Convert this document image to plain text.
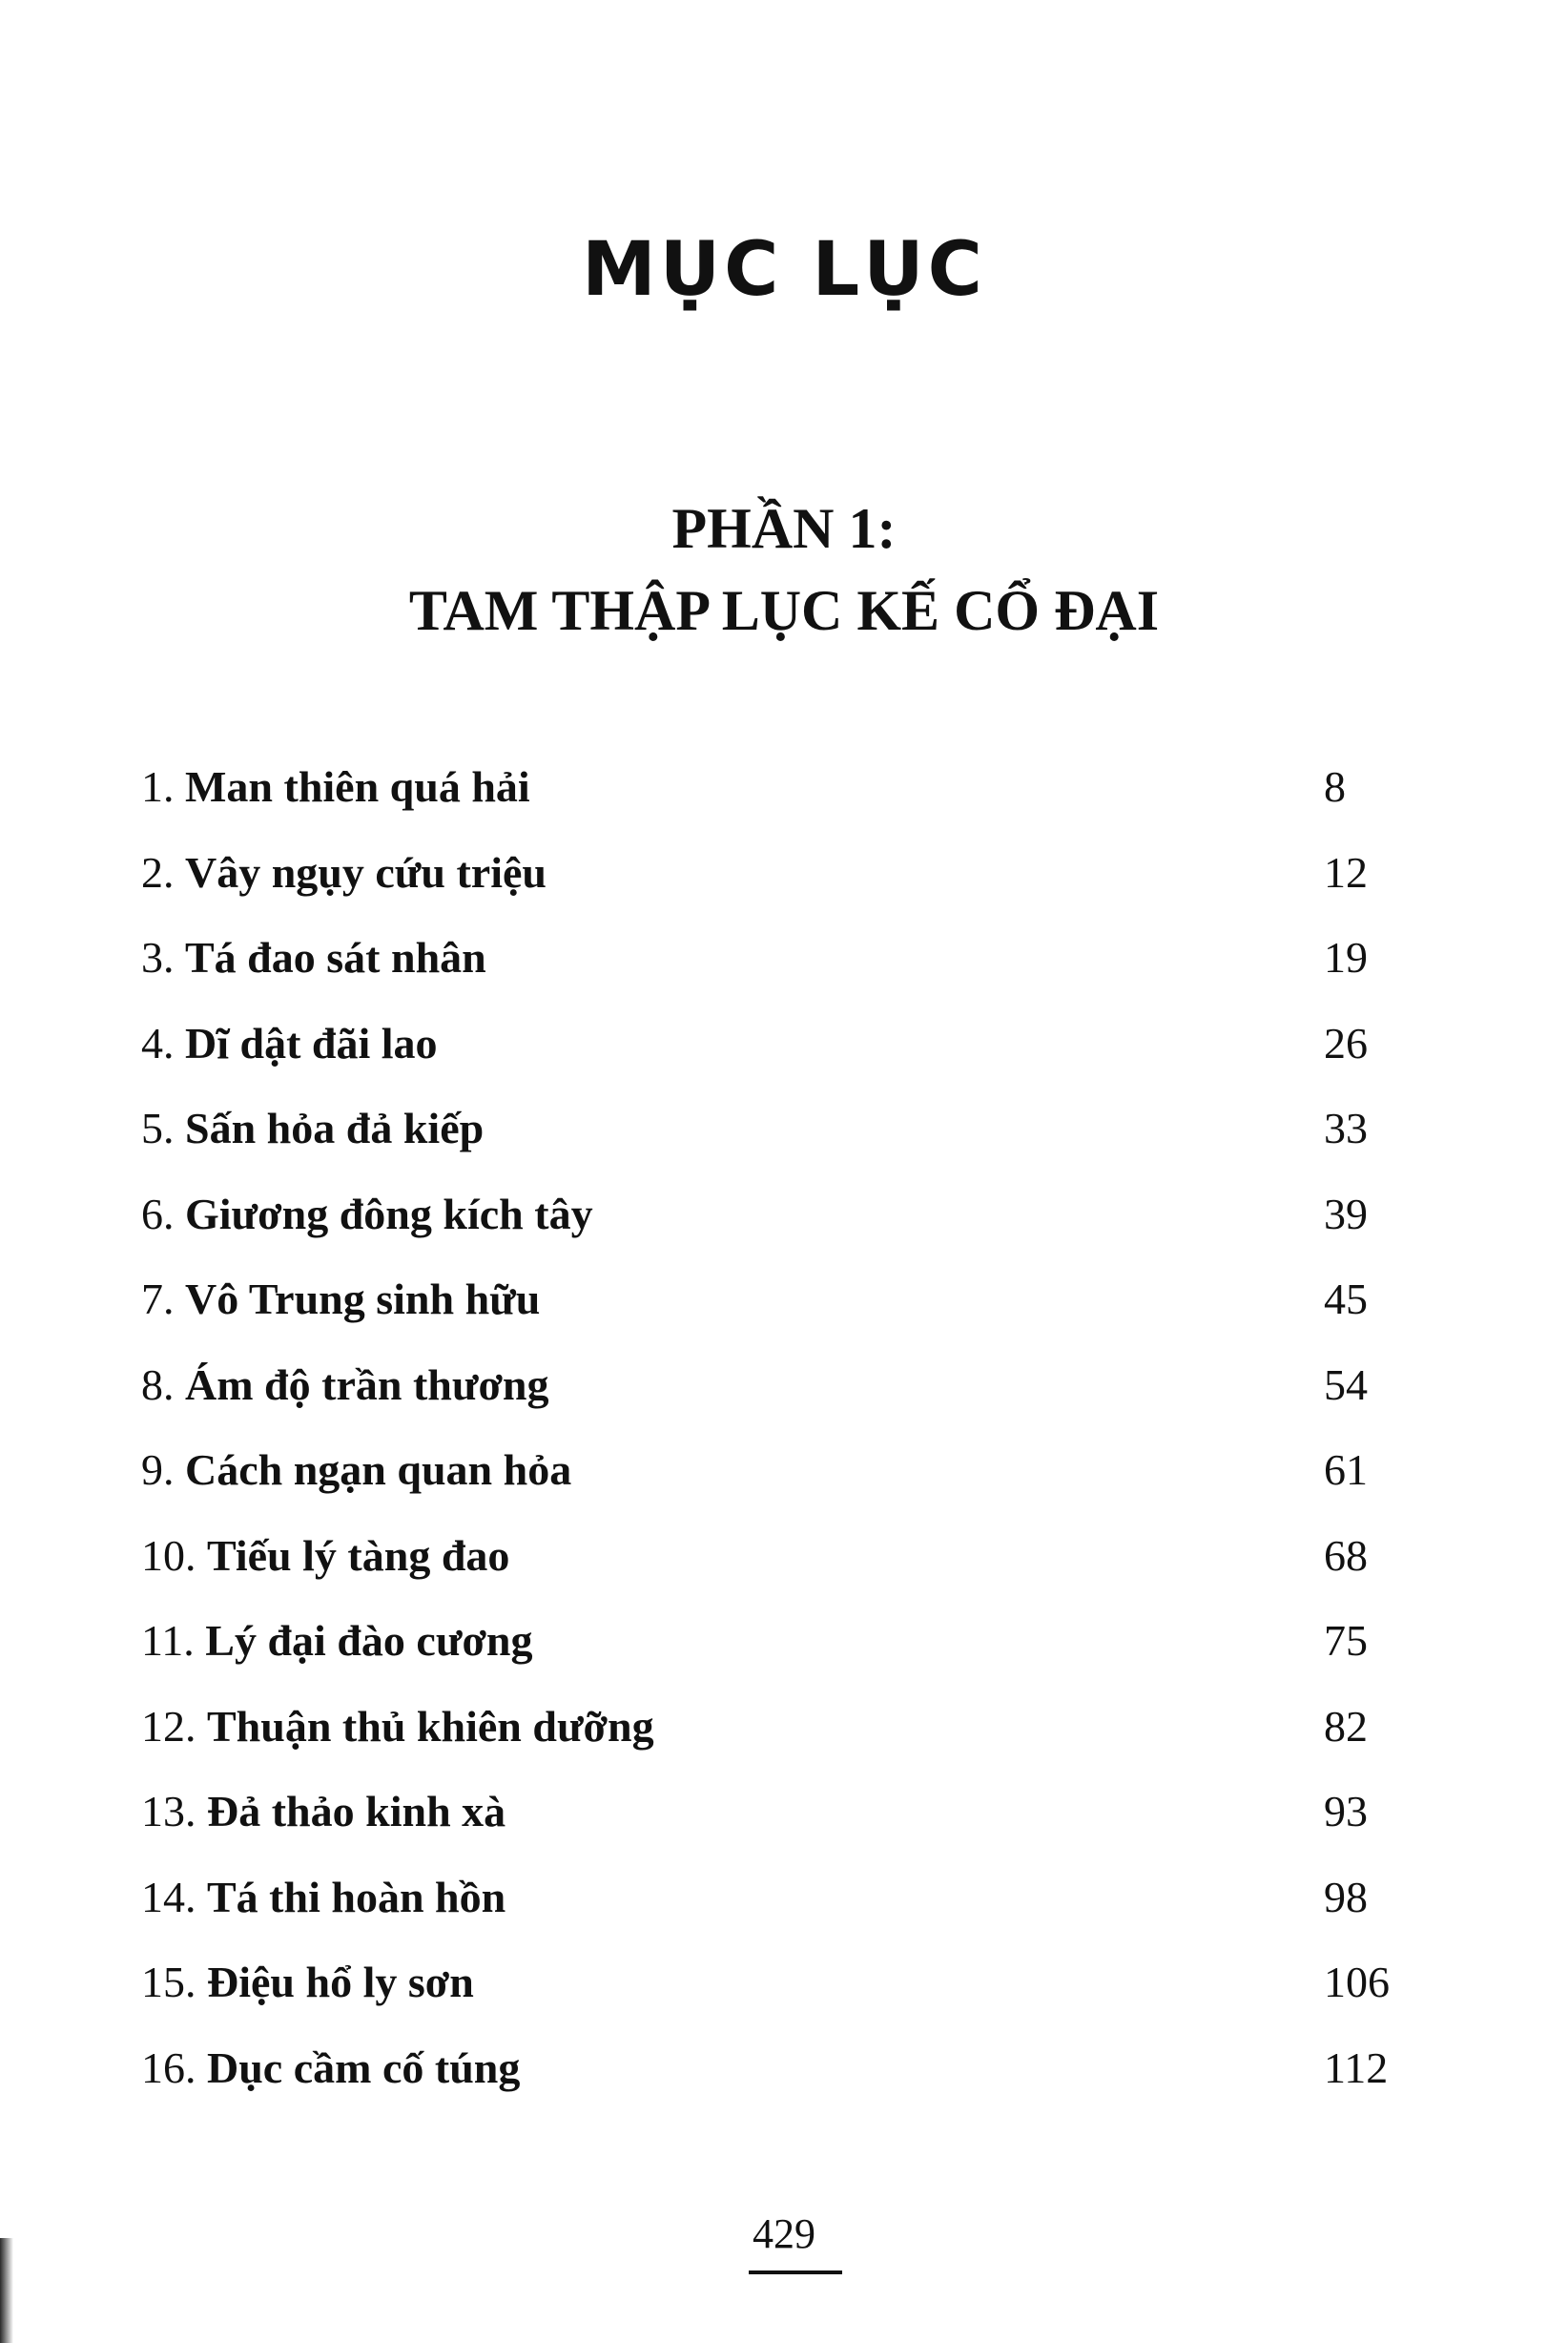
MỤC LỤC
PHẦN 1:
TAM THẬP LỤC KẾ CỔ ĐẠI
1. Man thiên quá hải	8
2. Vây ngụy cứu triệu	12
3. Tá đao sát nhân	19
4. Dĩ dật đãi lao	26
5. Sấn hỏa đả kiếp	33
6. Giương đông kích tây	39
7. Vô Trung sinh hữu	45
8. Ám độ trần thương	54
9. Cách ngạn quan hỏa	61
10. Tiếu lý tàng đao	68
11. Lý đại đào cương	75
12. Thuận thủ khiên dưỡng	82
13. Đả thảo kinh xà	93
14. Tá thi hoàn hồn	98
15. Điệu hổ ly sơn	106
16. Dục cầm cố túng	112
429
